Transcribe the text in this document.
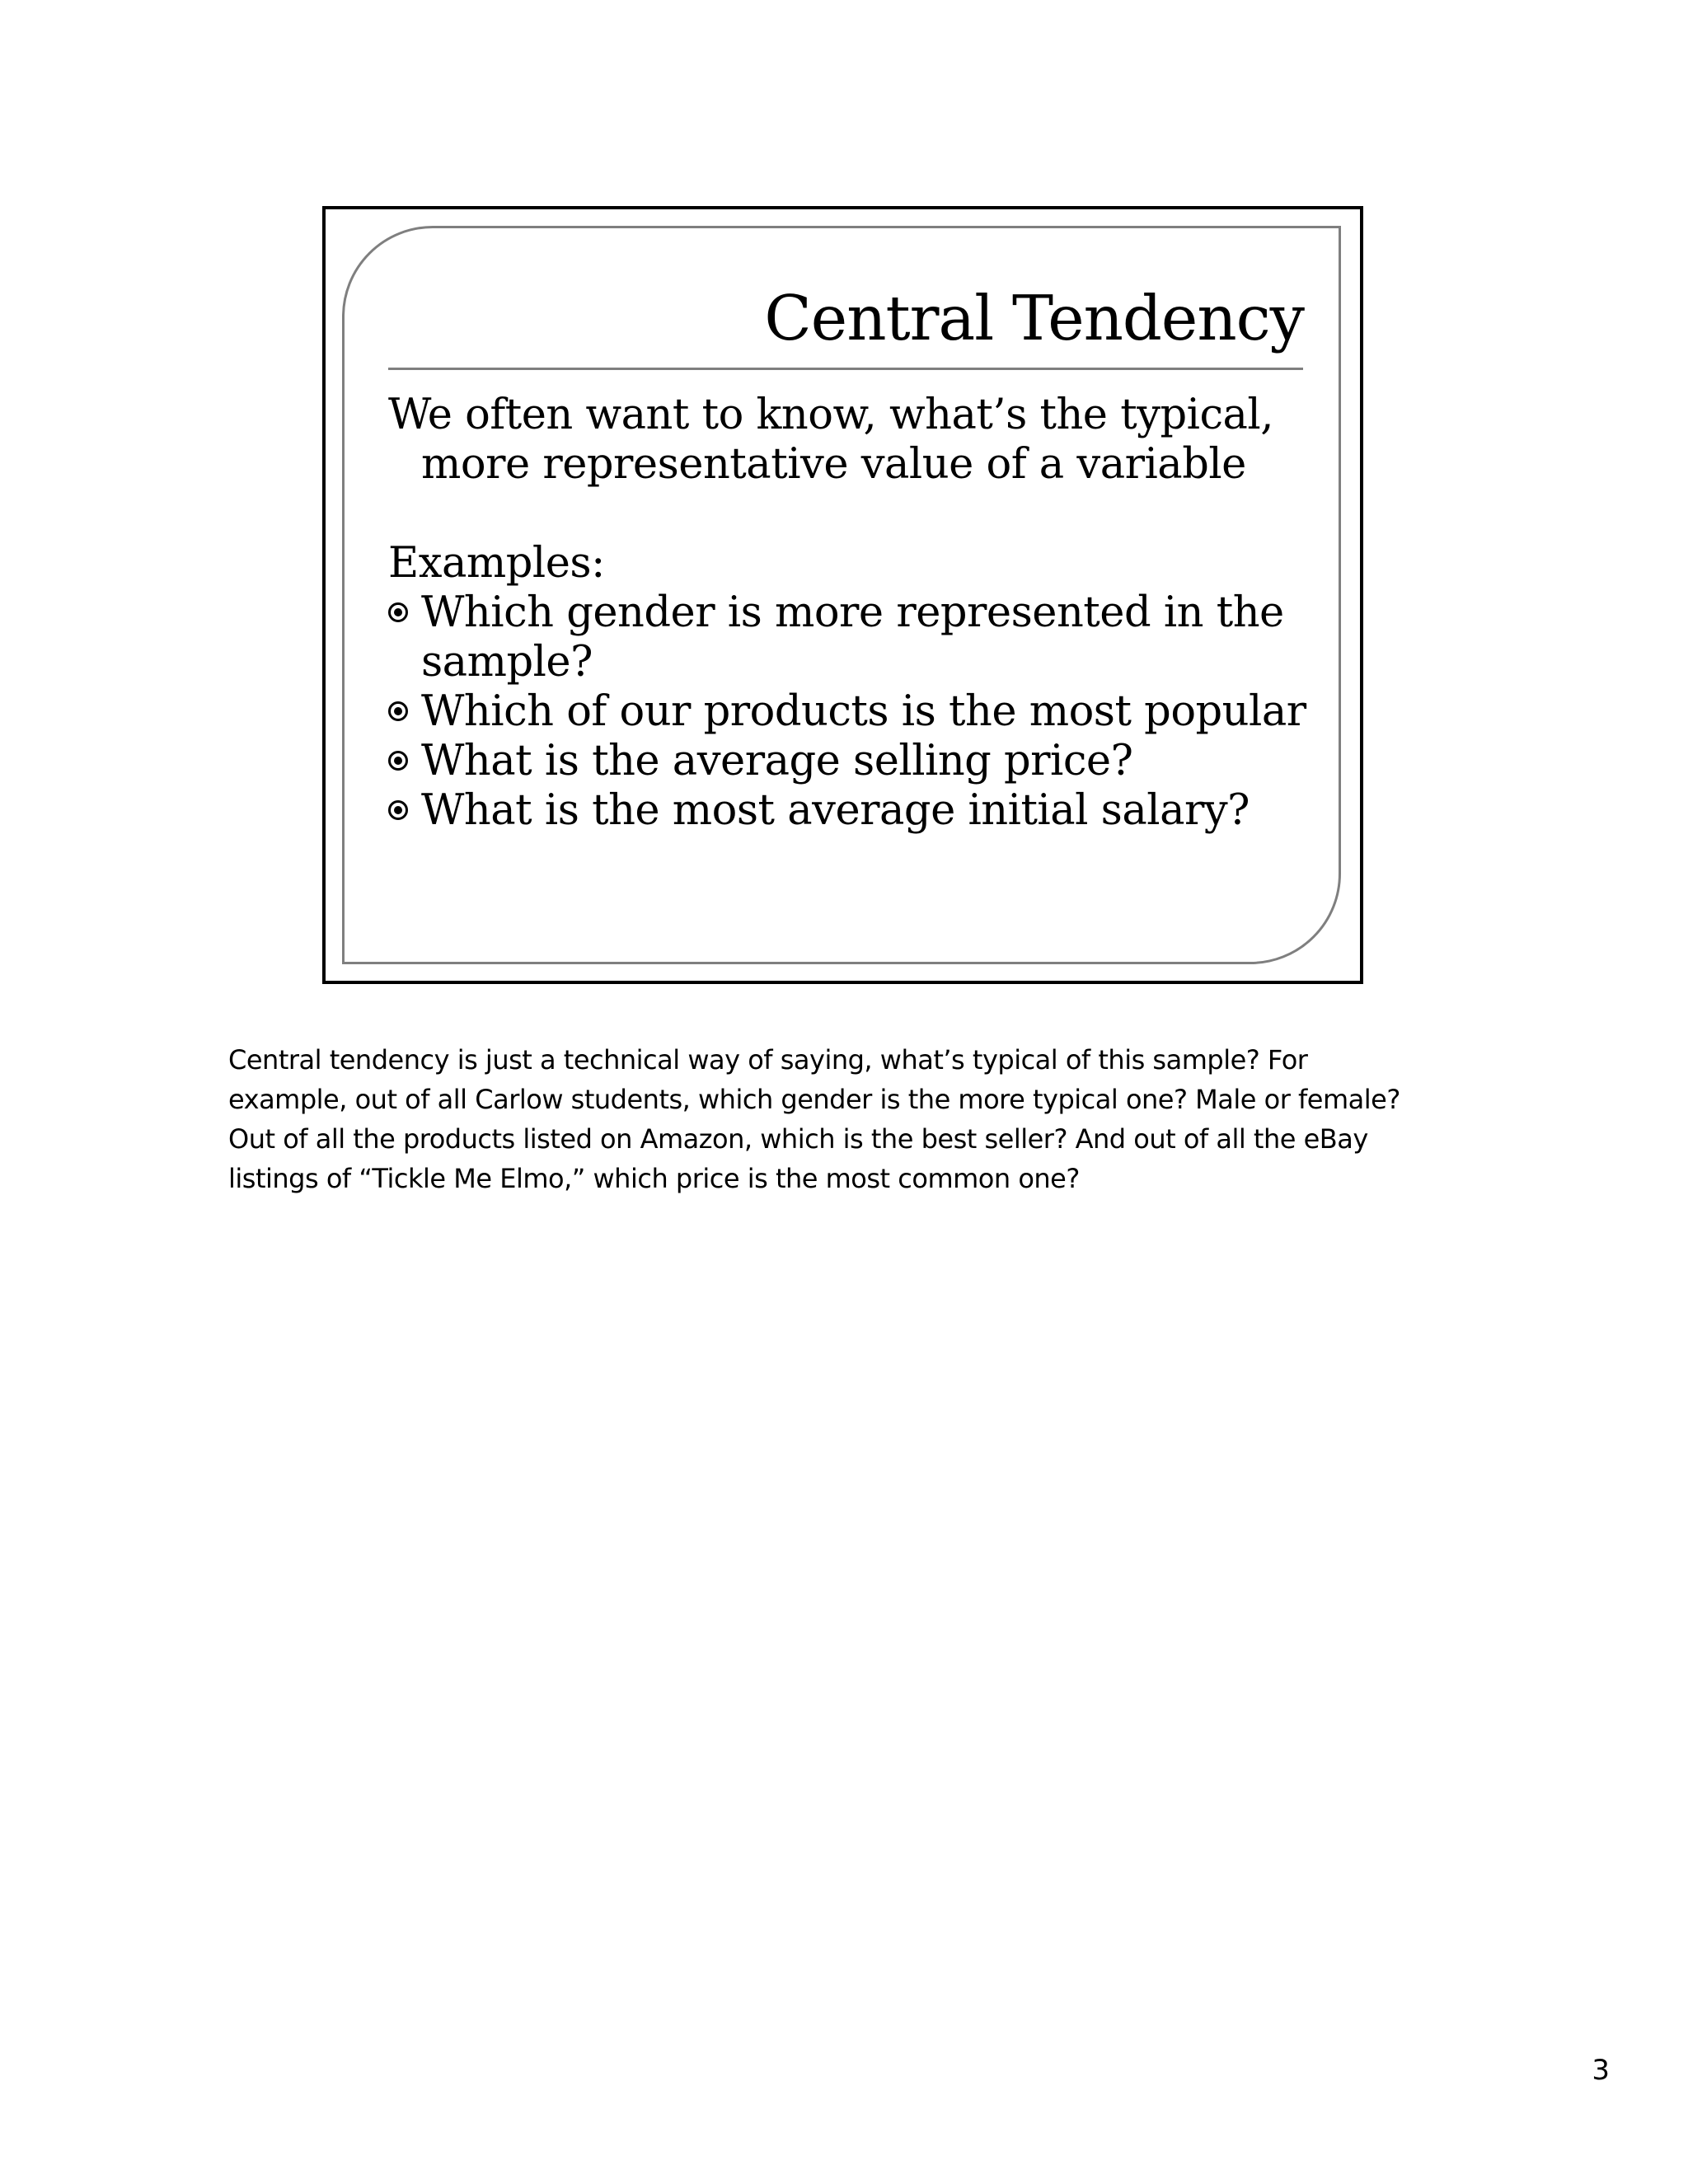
Central Tendency

We often want to know, what’s the typical, more representative value of a variable

Examples:

Which gender is more represented in the sample?
Which of our products is the most popular
What is the average selling price?
What is the most average initial salary?

Central tendency is just a technical way of saying, what’s typical of this sample? For
example, out of all Carlow students, which gender is the more typical one? Male or female?
Out of all the products listed on Amazon, which is the best seller? And out of all the eBay
listings of “Tickle Me Elmo,” which price is the most common one?

3
